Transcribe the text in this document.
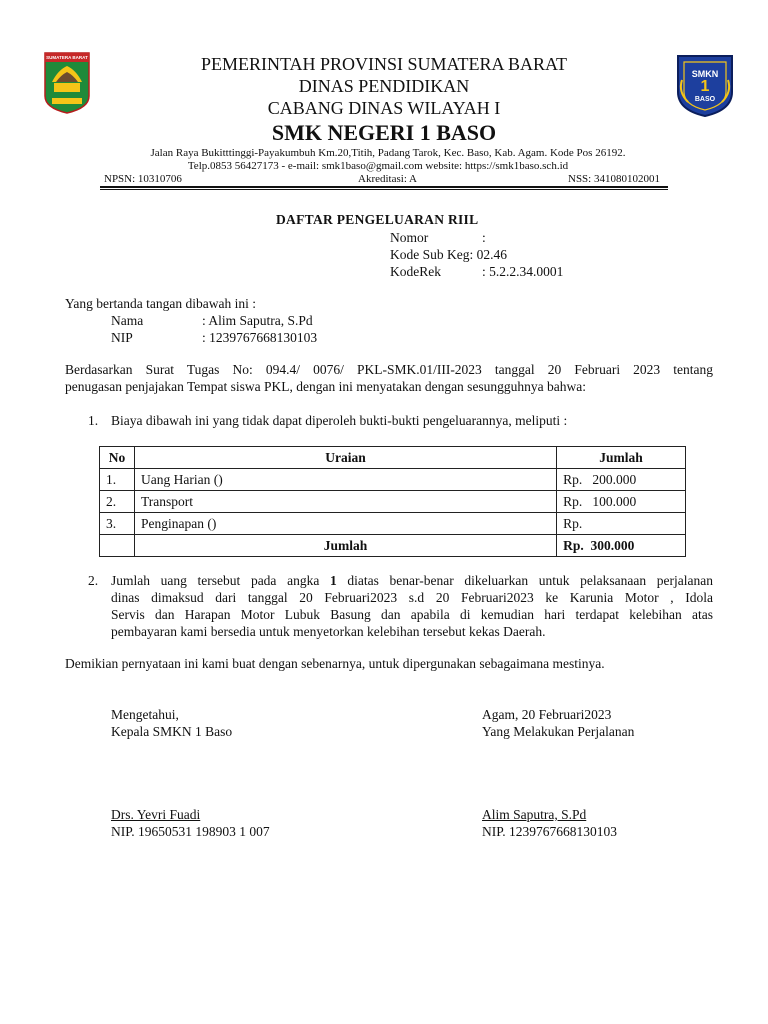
SUMATERA BARAT
SMKN
1
BASO
PEMERINTAH PROVINSI SUMATERA BARAT
DINAS PENDIDIKAN
CABANG DINAS WILAYAH I
SMK NEGERI 1 BASO
Jalan Raya Bukitttinggi-Payakumbuh Km.20,Titih, Padang Tarok, Kec. Baso, Kab. Agam. Kode Pos 26192.
Telp.0853 56427173 - e-mail: smk1baso@gmail.com website: https://smk1baso.sch.id
NPSN: 10310706	Akreditasi: A	NSS: 341080102001
DAFTAR PENGELUARAN RIIL
Nomor	:
Kode Sub Keg: 02.46
KodeRek	: 5.2.2.34.0001
Yang bertanda tangan dibawah ini :
Nama	: Alim Saputra, S.Pd
NIP	: 1239767668130103
Berdasarkan Surat Tugas No: 094.4/ 0076/ PKL-SMK.01/III-2023 tanggal 20 Februari 2023 tentang
penugasan penjajakan Tempat siswa PKL, dengan ini menyatakan dengan sesungguhnya bahwa:
1. Biaya dibawah ini yang tidak dapat diperoleh bukti-bukti pengeluarannya, meliputi :
No	Uraian	Jumlah
1.	Uang Harian ()	Rp.   200.000
2.	Transport	Rp.   100.000
3.	Penginapan ()	Rp.
	Jumlah	Rp.  300.000
2. Jumlah uang tersebut pada angka 1 diatas benar-benar dikeluarkan untuk pelaksanaan perjalanan
dinas dimaksud dari tanggal 20 Februari2023 s.d 20 Februari2023 ke Karunia Motor , Idola
Servis dan Harapan Motor Lubuk Basung dan apabila di kemudian hari terdapat kelebihan atas
pembayaran kami bersedia untuk menyetorkan kelebihan tersebut kekas Daerah.
Demikian pernyataan ini kami buat dengan sebenarnya, untuk dipergunakan sebagaimana mestinya.
Mengetahui,
Kepala SMKN 1 Baso
Drs. Yevri Fuadi
NIP. 19650531 198903 1 007
Agam, 20 Februari2023
Yang Melakukan Perjalanan
Alim Saputra, S.Pd
NIP. 1239767668130103
